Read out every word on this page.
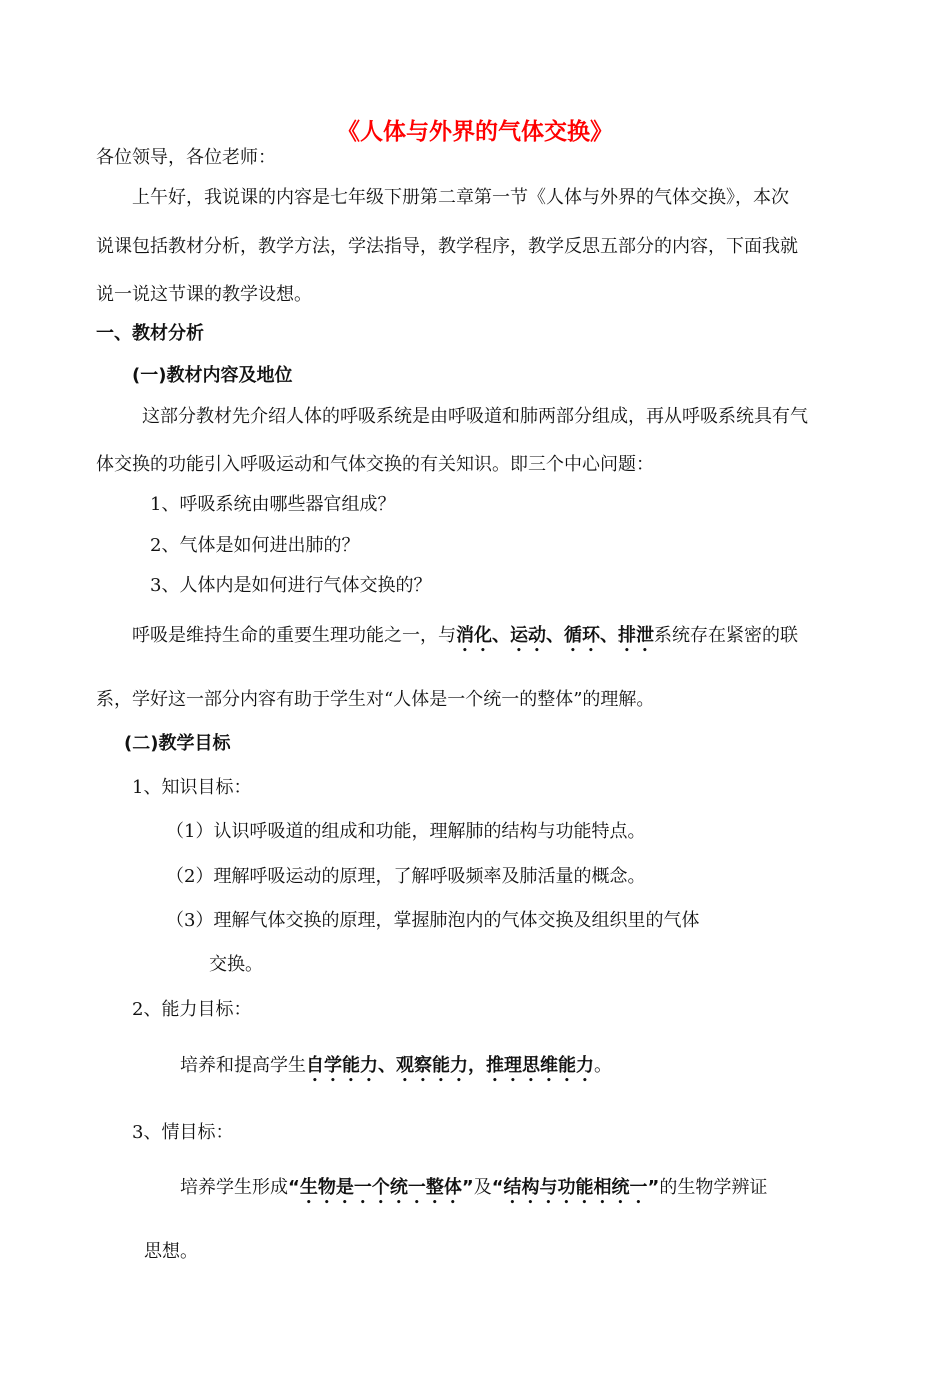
《人体与外界的气体交换》
各位领导，各位老师：
上午好，我说课的内容是七年级下册第二章第一节《人体与外界的气体交换》，本次
说课包括教材分析，教学方法，学法指导，教学程序，教学反思五部分的内容，下面我就
说一说这节课的教学设想。
一、教材分析
(一)教材内容及地位
这部分教材先介绍人体的呼吸系统是由呼吸道和肺两部分组成，再从呼吸系统具有气
体交换的功能引入呼吸运动和气体交换的有关知识。即三个中心问题：
1、呼吸系统由哪些器官组成？
2、气体是如何进出肺的？
3、人体内是如何进行气体交换的？
呼吸是维持生命的重要生理功能之一，与消化、运动、循环、排泄系统存在紧密的联
系，学好这一部分内容有助于学生对“人体是一个统一的整体”的理解。
(二)教学目标
1、知识目标：
（1）认识呼吸道的组成和功能，理解肺的结构与功能特点。
（2）理解呼吸运动的原理，了解呼吸频率及肺活量的概念。
（3）理解气体交换的原理，掌握肺泡内的气体交换及组织里的气体
交换。
2、能力目标：
培养和提高学生自学能力、观察能力，推理思维能力。
3、情目标：
培养学生形成“生物是一个统一整体”及“结构与功能相统一”的生物学辨证
思想。
